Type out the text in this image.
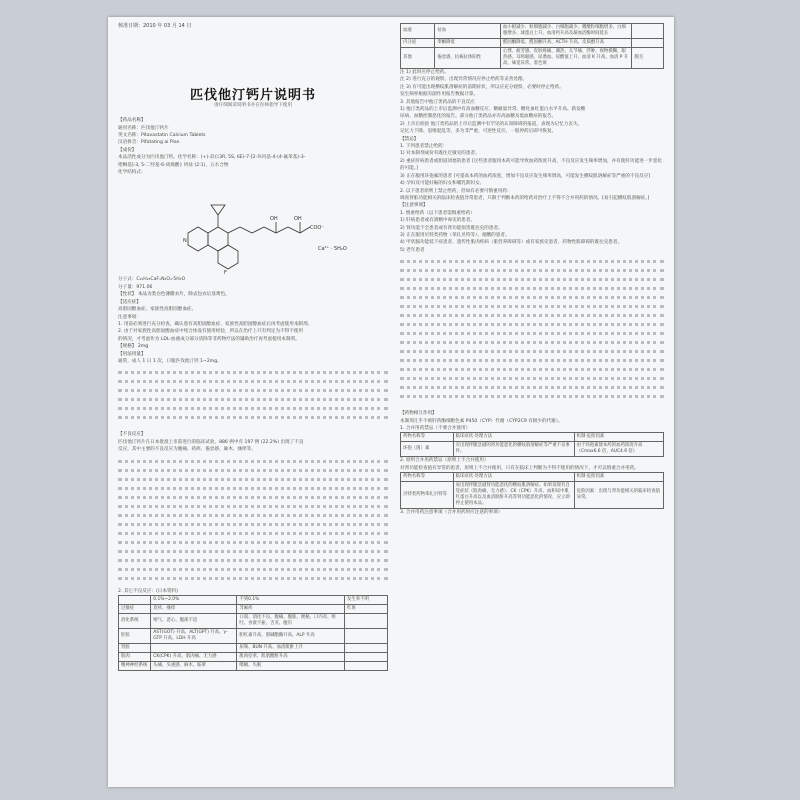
核准日期：2010 年 03 月 14 日
匹伐他汀钙片说明书
请仔细阅读说明书并在医师指导下使用
【药品名称】
通用名称：匹伐他汀钙片
英文名称：Pitavastatin Calcium Tablets
汉语拼音：Pifatating ai Pian
【成份】
本品活性成分为匹伐他汀钙。化学名称：(+)-双{(3R, 5S, 6E)-7-[2-环丙基-4-(4-氟苯基)-3-
喹啉基]-3, 5-二羟基-6-庚烯酸} 钙盐 (2:1)，五水合物
化学结构式：
F
OH	OH
COO⁻
Ca²⁺ · 5H₂O
N
分子式：C₂₅H₂₃CaFₓN₂O₄·5H₂O
分子量：971.06
【性状】 本品为类白色薄膜衣片，除去包衣后显黄色。
【适应症】
高胆固醇血症、家族性高胆固醇血症。
注意事项：
1. 用前必须进行充分检查，确认患有高胆固醇血症、家族性高胆固醇血症后再考虑使用本制剂。
2. 由于对家族性高胆固醇血症中纯合体没有使用经验，所以在治疗上只有判定为不得不使用
的情况，才考虑作为 LDL-血液成分部分清除等非药物疗法的辅助治疗再考虑使用本制剂。
【规格】 2mg
【用法用量】
通常，成人 1 日 1 次，口服匹伐他汀钙 1~2mg。
【不良反应】
匹伐他汀钙片在日本批准上市前进行的临床试验，886 例中有 197 例 (22.2%) 出现了不良
反应。其中主要的不良反应为腹痛、药疹、倦怠感、麻木、瘙痒等。
2. 其它不良反应：(日本资料)
	0.1%~2.0%	不到0.1%	发生率不明
过敏症	皮疹、瘙痒	荨麻疹	红斑
消化系统	嗳气、恶心、腹部不适	口渴、消化不良、腹痛、腹胀、便秘、口内炎、呕吐、食欲不振、舌炎、腹泻	
肝脏	AST(GOT) 升高、ALT(GPT) 升高、γ-GTP 升高、LDH 升高	胆红素升高、胆碱酯酶升高、ALP 升高	
肾脏		尿频、BUN 升高、血清肌酐上升	
肌肉	CK(CPK) 升高、肌肉痛、无力感	肌肉痉挛、肌肌酸酐升高	
精神神经系统	头痛、头重感、麻木、眩晕	嗜睡、失眠	
血液	贫血	血小板减少、粒细胞减少、白细胞减少、嗜酸粒细胞增多、白细胞增多、球蛋白上升、血清钙升高及凝血活酶时间延长	
内分泌	睾酮降低	醛固酮降低、醛固酮升高、ACTH 升高、皮质醇升高	
其他	倦怠感、抗核抗体阳性	心悸、疲劳感、皮肤疼痛、潮热、关节痛、浮肿、视物模糊、眼热感、耳鸣眼感、尿潜血、尿酸值上升、血清 K 升高、血清 P 升高、味觉异常、着色斑	脱毛
注 1) 此时应停止给药。
注 2) 进行充分的观察，出现异常情况应停止给药等妥善处理。
注 3) 有可能出现横纹肌溶解症的前期症状，所以应充分观察，必要时停止给药。
发生频率根据有副作用报告数据计算。
3. 其他报告中他汀类药品的不良反应
1) 他汀类药品的上市后监测中有高血糖反应、糖耐量异常、糖化血红蛋白水平升高、新发糖
尿病、血糖控制恶化的报告。部分他汀类药品亦有高血糖及低血糖症的报告。
2) 上市后检验 他汀类药品的上市后监测中有罕见的认知障碍的报道，表现为记忆力丧失、
记忆力下降、思维混乱等，多为非严重，可逆性反应，一般停药后即可恢复。
【禁忌】
1. 下列患者禁止给药：
1) 对本制剂成份有既往过敏史的患者。
2) 重症肝病患者或胆道闭塞的患者 [这些患者服用本药可能导致血药浓度升高，不良反应发生频率增加，并有使肝功能进一步恶化的可能。]
3) 正在服用环孢素的患者 [可提高本药的血药浓度，增加不良反应发生频率增高，可能发生横纹肌溶解症等严重的不良反应]
4) 孕妇及可能妊娠的妇女和哺乳期妇女。
2. 以下患者原则上禁止给药，但如有必要可慎重用药：
调查肾脏功能相关的临床检查值异常患者，只限于判断本药的给药对治疗上不得不合并用药的情况。[易引起横纹肌溶解症。]
【注意事项】
1. 慎重给药（以下患者需慎重给药）
1) 肝病患者或有酒精中毒史的患者。
2) 肾功能不全患者或有肾功能损害既往史的患者。
3) 正在服用贝特类药物（苯扎贝特等）、烟酸的患者。
4) 甲状腺功能低下症患者、遗传性肌肉疾病（肌营养障碍等）或有家族史患者、药物性肌障碍的既往史患者。
5) 老年患者
【药物相互作用】
本制剂几乎不被肝药酶细胞色素 P450（CYP）代谢（CYP2C9 有极少的代谢）。
1. 合并用药禁忌（不要合并使用）
药物名称等	临床症状·处理方法	机制·危险因素
环孢（菌）素	有出现伴随急剧的肾功能恶化的横纹肌溶解症等严重不良事件。	由于环孢素使本药的血药浓度升高（Cmax6.6 倍，AUC4.6 倍）
2. 原则合并用药禁忌（原则上不合并使用）
对肾功能检查值有异常的患者，原则上不合并使用，只有在临床上判断为不得不使用的情况下，才可以慎重合并用药。
药物名称等	临床症状·处理方法	机制·危险因素
贝特类药物苯扎贝特等	易出现伴随急剧肾功能恶化的横纹肌溶解症。如果发现有自觉症状（肌肉痛、无力感）、CK（CPK）升高、血和尿中肌红蛋白升高以及血清肌酐升高等肾功能恶化的情况，应立即停止使用本品。	危险因素：出现与肾功能相关的临床检查值异常。
3. 合并用药注意事项（合并用药时应注意的事项）
